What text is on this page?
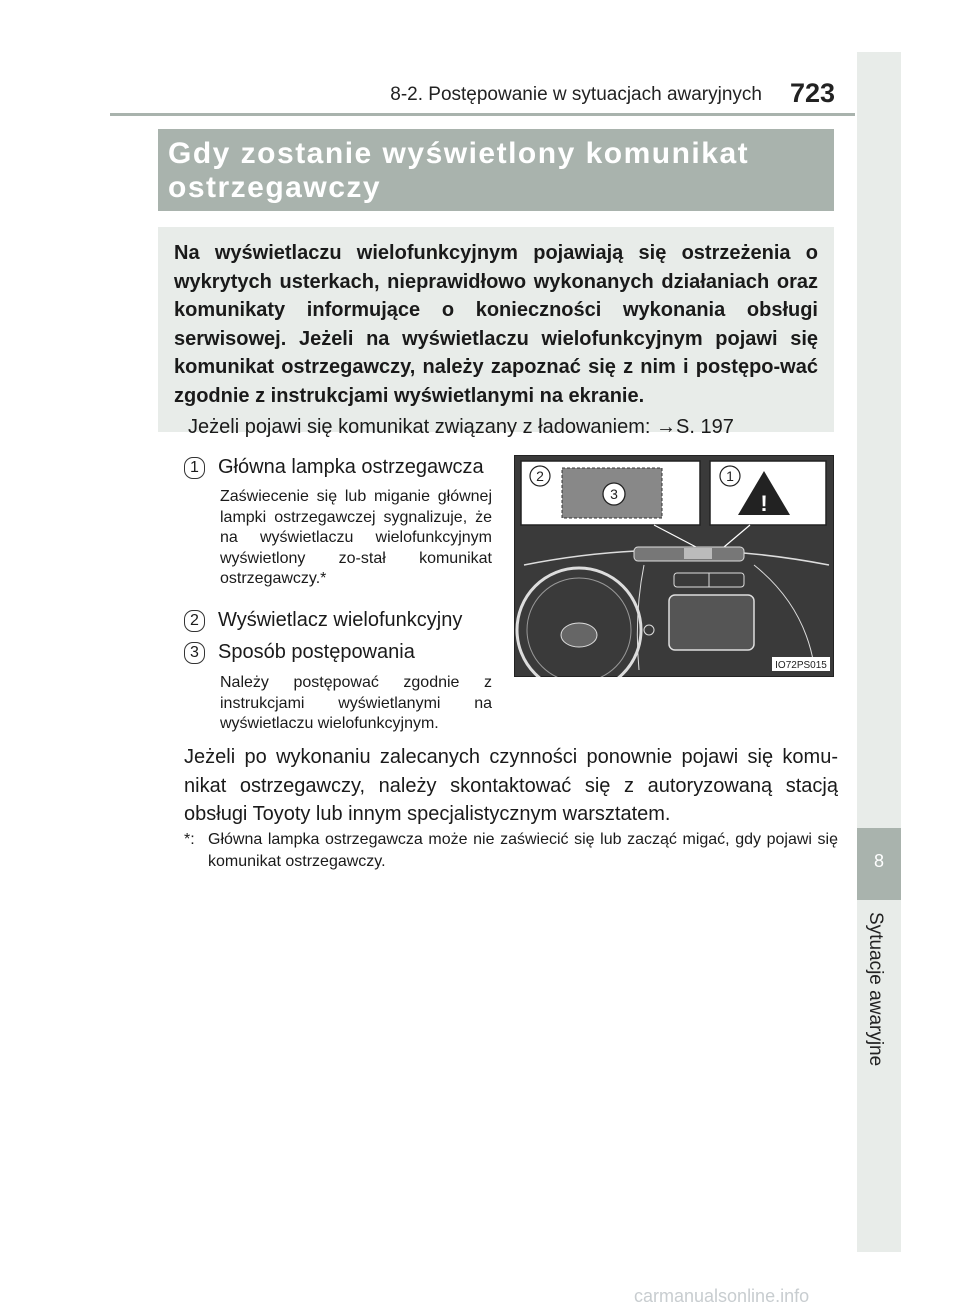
8
Sytuacje awaryjne
8-2. Postępowanie w sytuacjach awaryjnych 723
Gdy zostanie wyświetlony komunikat ostrzegawczy

Na wyświetlaczu wielofunkcyjnym pojawiają się ostrzeżenia o wykrytych usterkach, nieprawidłowo wykonanych działaniach oraz komunikaty informujące o konieczności wykonania obsługi serwisowej. Jeżeli na wyświetlaczu wielofunkcyjnym pojawi się komunikat ostrzegawczy, należy zapoznać się z nim i postępo-wać zgodnie z instrukcjami wyświetlanymi na ekranie.

Jeżeli pojawi się komunikat związany z ładowaniem: →S. 197
1 Główna lampka ostrzegawcza
Zaświecenie się lub miganie głównej lampki ostrzegawczej sygnalizuje, że na wyświetlaczu wielofunkcyjnym wyświetlony zo-stał komunikat ostrzegawczy.*
2 Wyświetlacz wielofunkcyjny
3 Sposób postępowania
Należy postępować zgodnie z instrukcjami wyświetlanymi na wyświetlaczu wielofunkcyjnym.
3
2
!
1
IO72PS015
Jeżeli po wykonaniu zalecanych czynności ponownie pojawi się komu-nikat ostrzegawczy, należy skontaktować się z autoryzowaną stacją obsługi Toyoty lub innym specjalistycznym warsztatem.
*: Główna lampka ostrzegawcza może nie zaświecić się lub zacząć migać, gdy pojawi się komunikat ostrzegawczy.
carmanualsonline.info
